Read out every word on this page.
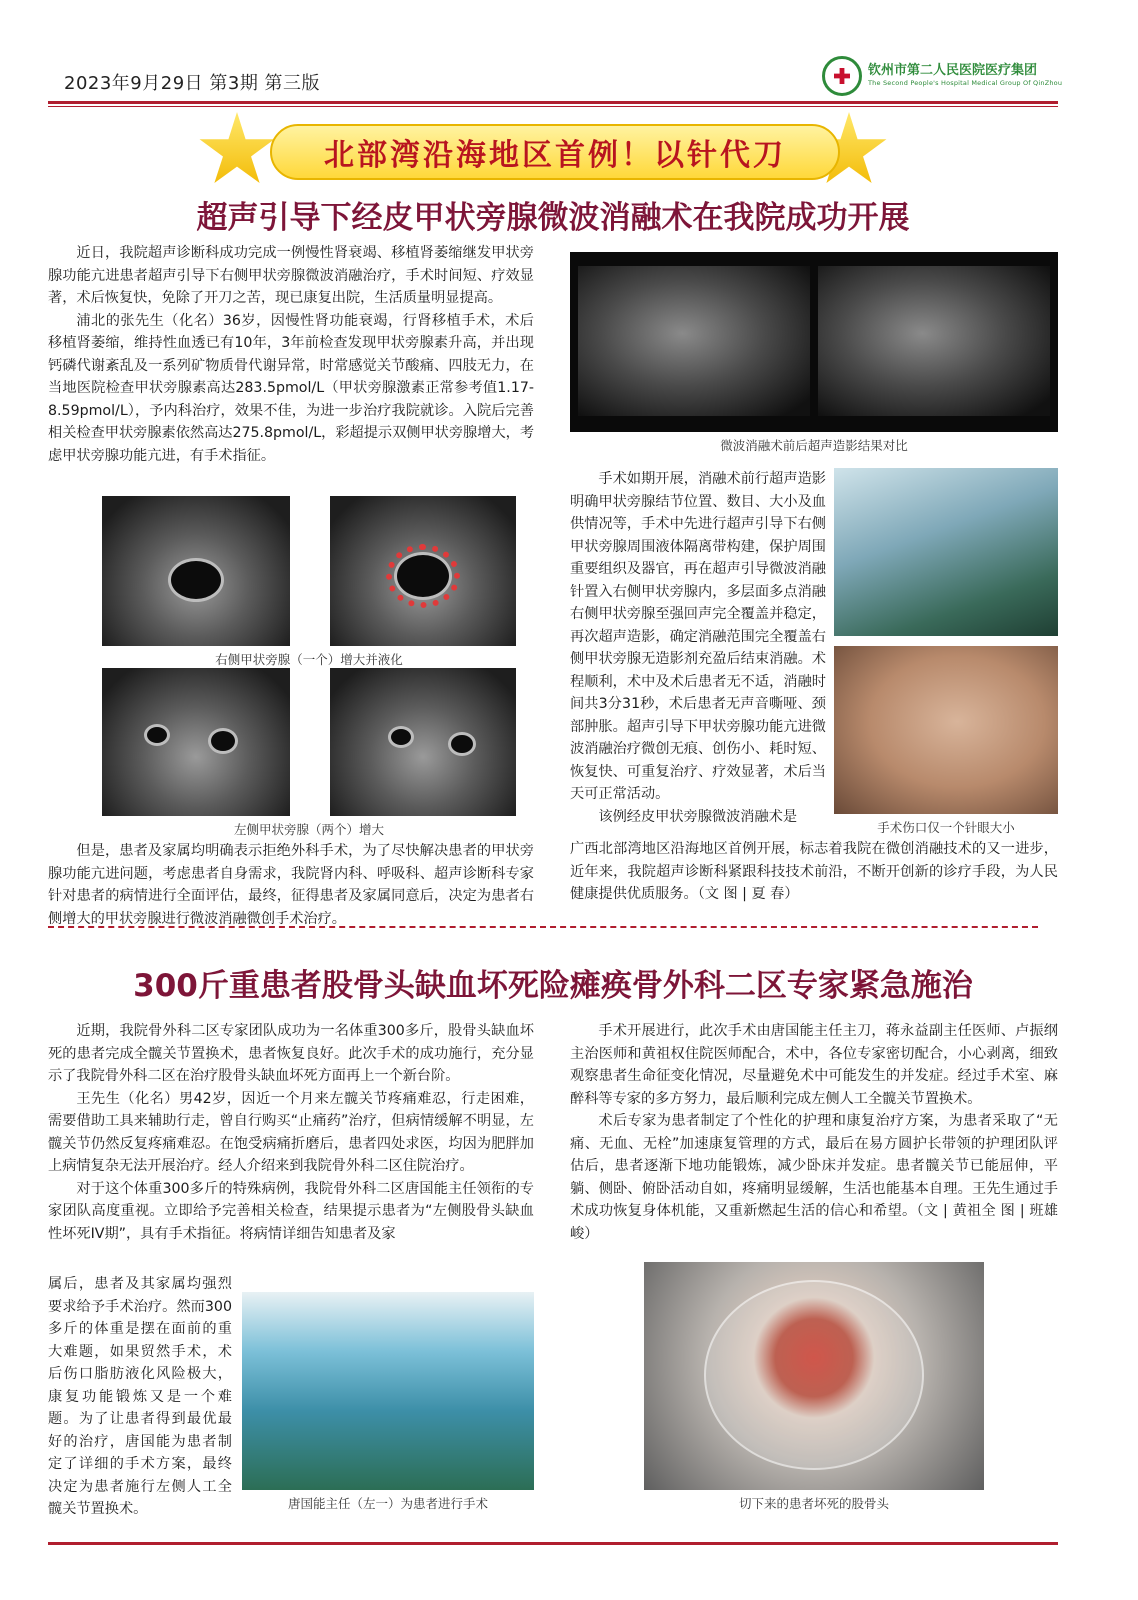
2023年9月29日 第3期 第三版
钦州市第二人民医院医疗集团
The Second People's Hospital Medical Group Of QinZhou
北部湾沿海地区首例！以针代刀
超声引导下经皮甲状旁腺微波消融术在我院成功开展

近日，我院超声诊断科成功完成一例慢性肾衰竭、移植肾萎缩继发甲状旁腺功能亢进患者超声引导下右侧甲状旁腺微波消融治疗，手术时间短、疗效显著，术后恢复快，免除了开刀之苦，现已康复出院，生活质量明显提高。

浦北的张先生（化名）36岁，因慢性肾功能衰竭，行肾移植手术，术后移植肾萎缩，维持性血透已有10年，3年前检查发现甲状旁腺素升高，并出现钙磷代谢紊乱及一系列矿物质骨代谢异常，时常感觉关节酸痛、四肢无力，在当地医院检查甲状旁腺素高达283.5pmol/L（甲状旁腺激素正常参考值1.17-8.59pmol/L），予内科治疗，效果不佳，为进一步治疗我院就诊。入院后完善相关检查甲状旁腺素依然高达275.8pmol/L，彩超提示双侧甲状旁腺增大，考虑甲状旁腺功能亢进，有手术指征。

右侧甲状旁腺（一个）增大并液化
左侧甲状旁腺（两个）增大

但是，患者及家属均明确表示拒绝外科手术，为了尽快解决患者的甲状旁腺功能亢进问题，考虑患者自身需求，我院肾内科、呼吸科、超声诊断科专家针对患者的病情进行全面评估，最终，征得患者及家属同意后，决定为患者右侧增大的甲状旁腺进行微波消融微创手术治疗。

微波消融术前后超声造影结果对比

手术如期开展，消融术前行超声造影明确甲状旁腺结节位置、数目、大小及血供情况等，手术中先进行超声引导下右侧甲状旁腺周围液体隔离带构建，保护周围重要组织及器官，再在超声引导微波消融针置入右侧甲状旁腺内，多层面多点消融右侧甲状旁腺至强回声完全覆盖并稳定，再次超声造影，确定消融范围完全覆盖右侧甲状旁腺无造影剂充盈后结束消融。术程顺利，术中及术后患者无不适，消融时间共3分31秒，术后患者无声音嘶哑、颈部肿胀。超声引导下甲状旁腺功能亢进微波消融治疗微创无痕、创伤小、耗时短、恢复快、可重复治疗、疗效显著，术后当天可正常活动。

该例经皮甲状旁腺微波消融术是

手术伤口仅一个针眼大小

广西北部湾地区沿海地区首例开展，标志着我院在微创消融技术的又一进步，近年来，我院超声诊断科紧跟科技技术前沿，不断开创新的诊疗手段，为人民健康提供优质服务。（文 图 | 夏 春）

300斤重患者股骨头缺血坏死险瘫痪骨外科二区专家紧急施治

近期，我院骨外科二区专家团队成功为一名体重300多斤，股骨头缺血坏死的患者完成全髋关节置换术，患者恢复良好。此次手术的成功施行，充分显示了我院骨外科二区在治疗股骨头缺血坏死方面再上一个新台阶。

王先生（化名）男42岁，因近一个月来左髋关节疼痛难忍，行走困难，需要借助工具来辅助行走，曾自行购买“止痛药”治疗，但病情缓解不明显，左髋关节仍然反复疼痛难忍。在饱受病痛折磨后，患者四处求医，均因为肥胖加上病情复杂无法开展治疗。经人介绍来到我院骨外科二区住院治疗。

对于这个体重300多斤的特殊病例，我院骨外科二区唐国能主任领衔的专家团队高度重视。立即给予完善相关检查，结果提示患者为“左侧股骨头缺血性坏死IV期”，具有手术指征。将病情详细告知患者及家

属后，患者及其家属均强烈要求给予手术治疗。然而300多斤的体重是摆在面前的重大难题，如果贸然手术，术后伤口脂肪液化风险极大，康复功能锻炼又是一个难题。为了让患者得到最优最好的治疗，唐国能为患者制定了详细的手术方案，最终决定为患者施行左侧人工全髋关节置换术。	唐国能主任（左一）为患者进行手术

手术开展进行，此次手术由唐国能主任主刀，蒋永益副主任医师、卢振纲主治医师和黄祖权住院医师配合，术中，各位专家密切配合，小心剥离，细致观察患者生命征变化情况，尽量避免术中可能发生的并发症。经过手术室、麻醉科等专家的多方努力，最后顺利完成左侧人工全髋关节置换术。

术后专家为患者制定了个性化的护理和康复治疗方案，为患者采取了“无痛、无血、无栓”加速康复管理的方式，最后在易方圆护长带领的护理团队评估后，患者逐渐下地功能锻炼，减少卧床并发症。患者髋关节已能屈伸，平躺、侧卧、俯卧活动自如，疼痛明显缓解，生活也能基本自理。王先生通过手术成功恢复身体机能，又重新燃起生活的信心和希望。（文 | 黄祖全 图 | 班雄峻）

切下来的患者坏死的股骨头
